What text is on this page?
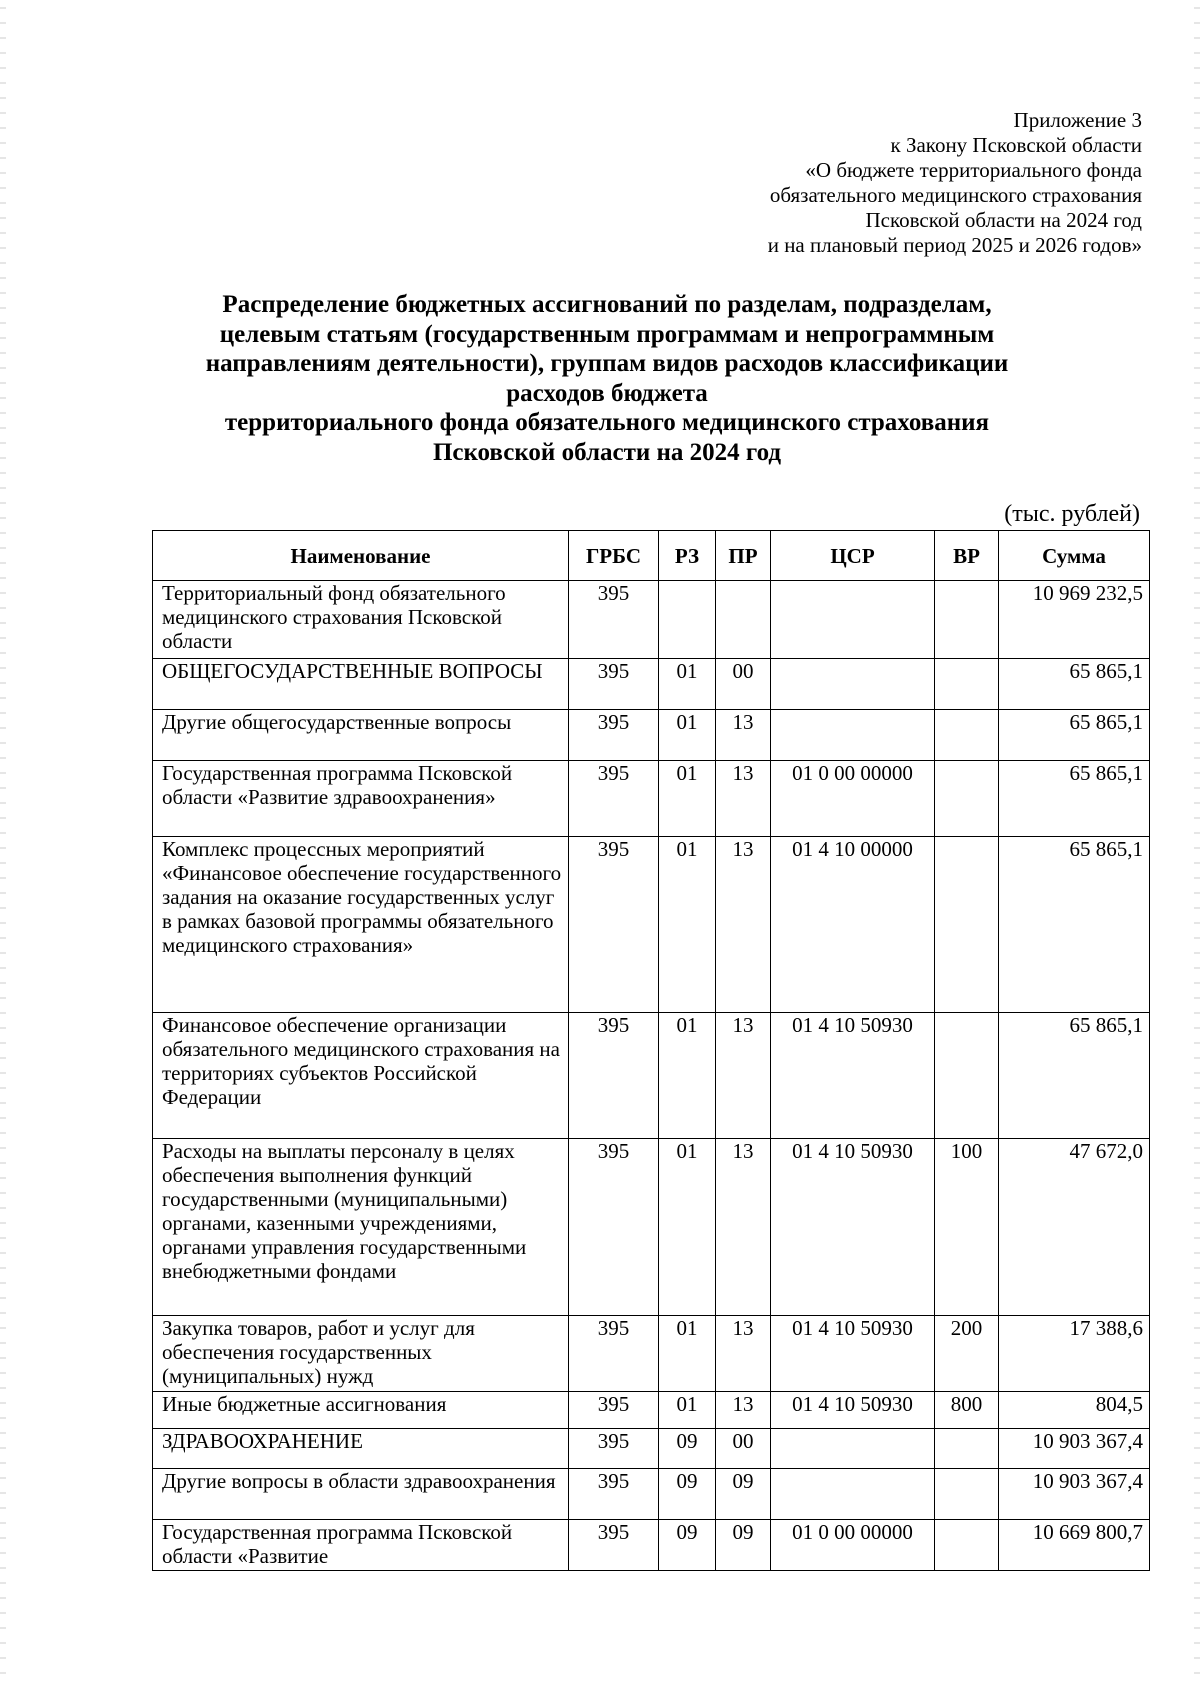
Приложение 3
к Закону Псковской области
«О бюджете территориального фонда
обязательного медицинского страхования
Псковской области на 2024 год
и на плановый период 2025 и 2026 годов»
Распределение бюджетных ассигнований по разделам, подразделам,
целевым статьям (государственным программам и непрограммным
направлениям деятельности), группам видов расходов классификации
расходов бюджета
территориального фонда обязательного медицинского страхования
Псковской области на 2024 год
(тыс. рублей)
Наименование	ГРБС	РЗ	ПР	ЦСР	ВР	Сумма
Территориальный фонд обязательного медицинского страхования Псковской области	395					10 969 232,5
ОБЩЕГОСУДАРСТВЕННЫЕ ВОПРОСЫ	395	01	00			65 865,1
Другие общегосударственные вопросы	395	01	13			65 865,1
Государственная программа Псковской области «Развитие здравоохранения»	395	01	13	01 0 00 00000		65 865,1
Комплекс процессных мероприятий «Финансовое обеспечение государственного задания на оказание государственных услуг в рамках базовой программы обязательного медицинского страхования»	395	01	13	01 4 10 00000		65 865,1
Финансовое обеспечение организации обязательного медицинского страхования на территориях субъектов Российской Федерации	395	01	13	01 4 10 50930		65 865,1
Расходы на выплаты персоналу в целях обеспечения выполнения функций государственными (муниципальными) органами, казенными учреждениями, органами управления государственными внебюджетными фондами	395	01	13	01 4 10 50930	100	47 672,0
Закупка товаров, работ и услуг для обеспечения государственных (муниципальных) нужд	395	01	13	01 4 10 50930	200	17 388,6
Иные бюджетные ассигнования	395	01	13	01 4 10 50930	800	804,5
ЗДРАВООХРАНЕНИЕ	395	09	00			10 903 367,4
Другие вопросы в области здравоохранения	395	09	09			10 903 367,4
Государственная программа Псковской области «Развитие	395	09	09	01 0 00 00000		10 669 800,7
